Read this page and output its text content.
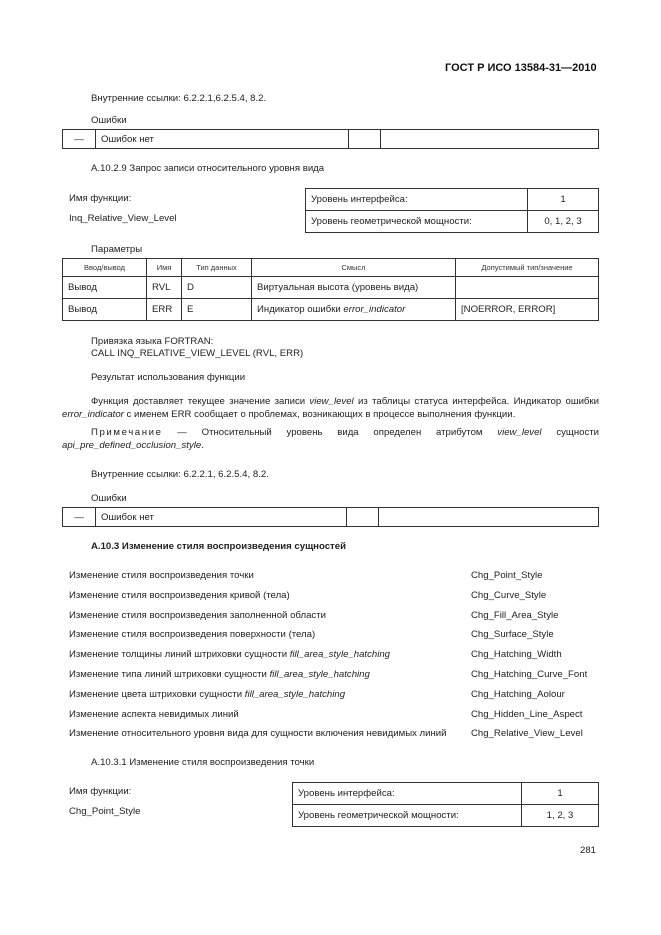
ГОСТ Р ИСО 13584-31—2010
Внутренние ссылки: 6.2.2.1,6.2.5.4, 8.2.
Ошибки
—	Ошибок нет		
A.10.2.9 Запрос записи относительного уровня вида
Имя функции:
Inq_Relative_View_Level
Уровень интерфейса:	1
Уровень геометрической мощности:	0, 1, 2, 3
Параметры
Ввод/вывод	Имя	Тип данных	Смысл	Допустимый тип/значение
Вывод	RVL	D	Виртуальная высота (уровень вида)	
Вывод	ERR	E	Индикатор ошибки error_indicator	[NOERROR, ERROR]
Привязка языка FORTRAN:
CALL INQ_RELATIVE_VIEW_LEVEL (RVL, ERR)
Результат использования функции
Функция доставляет текущее значение записи view_level из таблицы статуса интерфейса. Индикатор ошибки error_indicator с именем ERR сообщает о проблемах, возникающих в процессе выполнения функции.
Примечание — Относительный уровень вида определен атрибутом view_level сущности api_pre_defined_occlusion_style.
Внутренние ссылки: 6.2.2.1, 6.2.5.4, 8.2.
Ошибки
—	Ошибок нет		
A.10.3 Изменение стиля воспроизведения сущностей
Изменение стиля воспроизведения точки	Chg_Point_Style
Изменение стиля воспроизведения кривой (тела)	Chg_Curve_Style
Изменение стиля воспроизведения заполненной области	Chg_Fill_Area_Style
Изменение стиля воспроизведения поверхности (тела)	Chg_Surface_Style
Изменение толщины линий штриховки сущности fill_area_style_hatching	Chg_Hatching_Width
Изменение типа линий штриховки сущности fill_area_style_hatching	Chg_Hatching_Curve_Font
Изменение цвета штриховки сущности fill_area_style_hatching	Chg_Hatching_Aolour
Изменение аспекта невидимых линий	Chg_Hidden_Line_Aspect
Изменение относительного уровня вида для сущности включения невидимых линий	Chg_Relative_View_Level
A.10.3.1 Изменение стиля воспроизведения точки
Имя функции:
Chg_Point_Style
Уровень интерфейса:	1
Уровень геометрической мощности:	1, 2, 3
281
